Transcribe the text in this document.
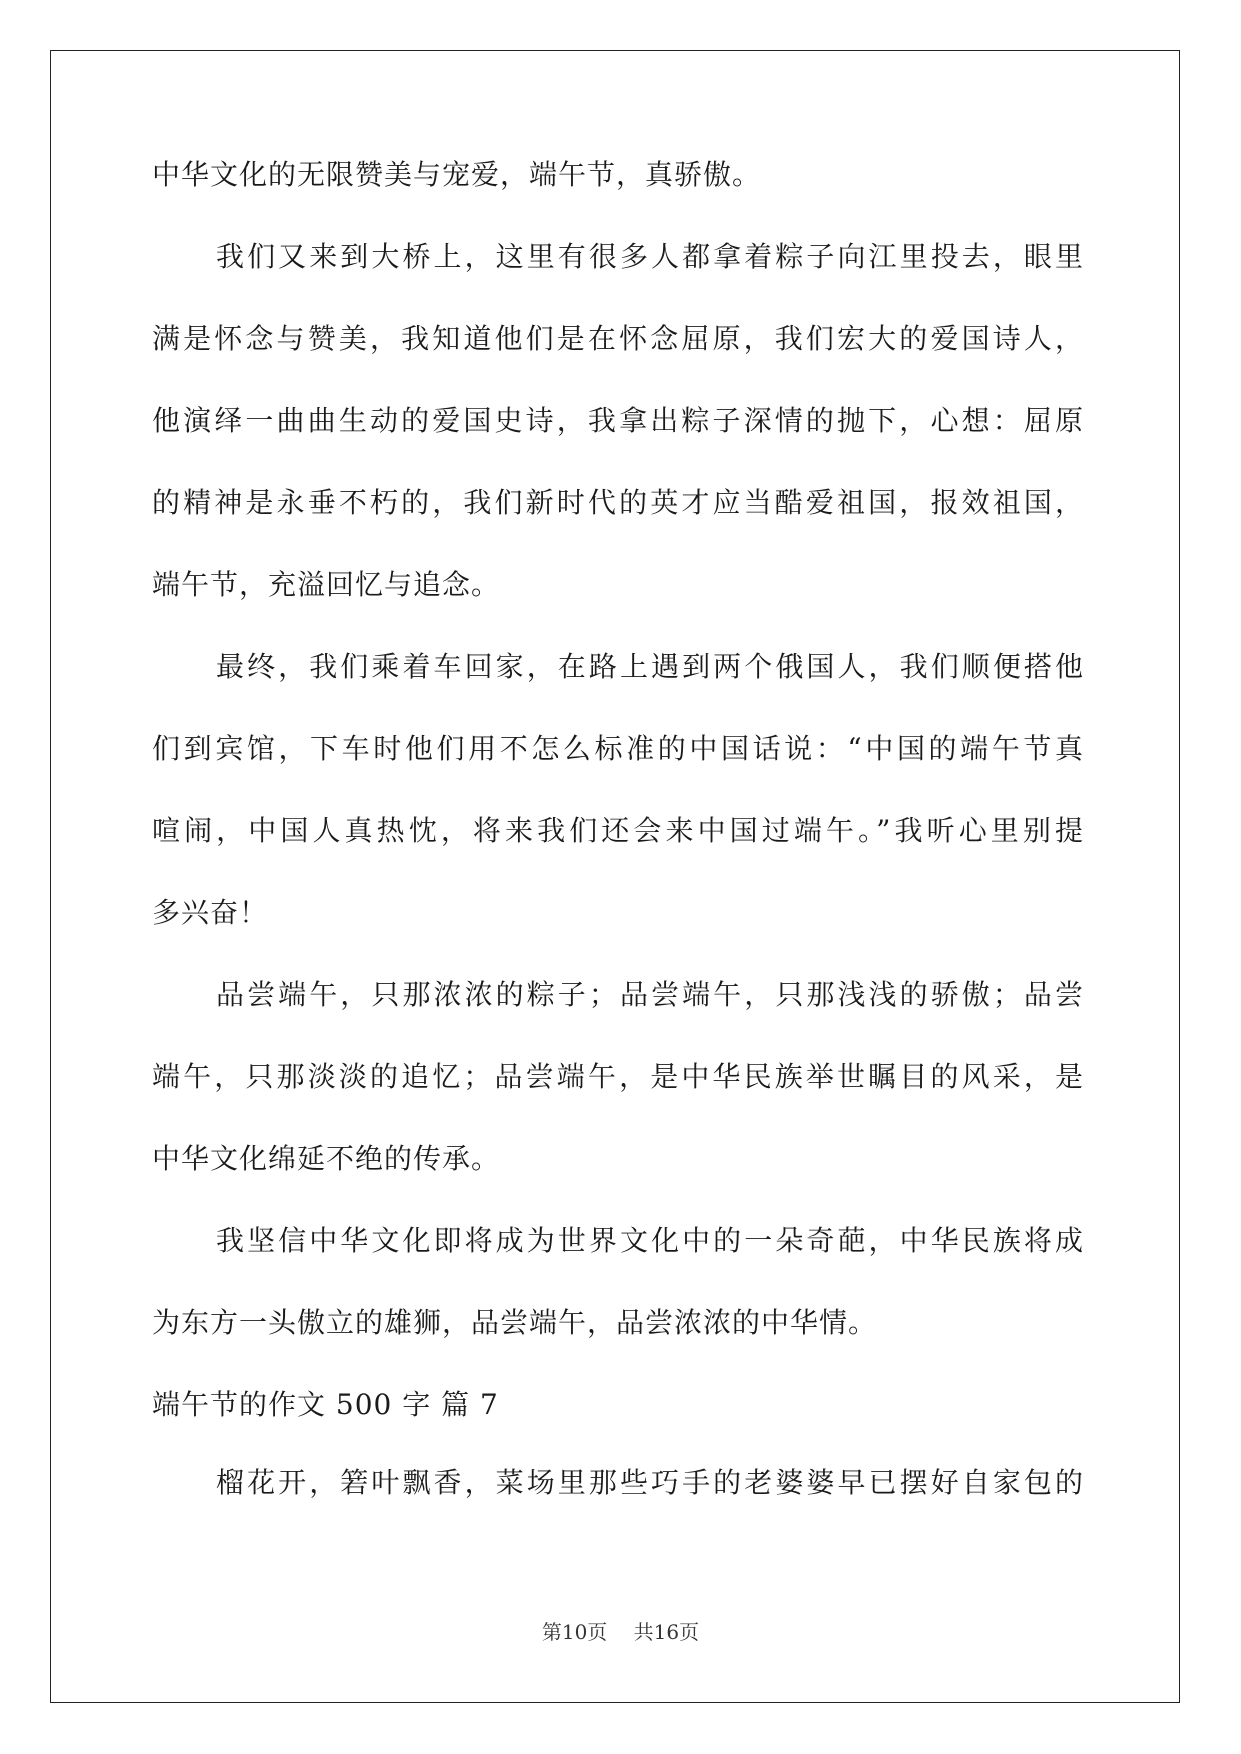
中华文化的无限赞美与宠爱，端午节，真骄傲。
我们又来到大桥上，这里有很多人都拿着粽子向江里投去，眼里
满是怀念与赞美，我知道他们是在怀念屈原，我们宏大的爱国诗人，
他演绎一曲曲生动的爱国史诗，我拿出粽子深情的抛下，心想：屈原
的精神是永垂不朽的，我们新时代的英才应当酷爱祖国，报效祖国，
端午节，充溢回忆与追念。
最终，我们乘着车回家，在路上遇到两个俄国人，我们顺便搭他
们到宾馆，下车时他们用不怎么标准的中国话说：“中国的端午节真
喧闹，中国人真热忱，将来我们还会来中国过端午。”我听心里别提
多兴奋！
品尝端午，只那浓浓的粽子；品尝端午，只那浅浅的骄傲；品尝
端午，只那淡淡的追忆；品尝端午，是中华民族举世瞩目的风采，是
中华文化绵延不绝的传承。
我坚信中华文化即将成为世界文化中的一朵奇葩，中华民族将成
为东方一头傲立的雄狮，品尝端午，品尝浓浓的中华情。
端午节的作文 500 字 篇 7
榴花开，箬叶飘香，菜场里那些巧手的老婆婆早已摆好自家包的
第10页 共16页
